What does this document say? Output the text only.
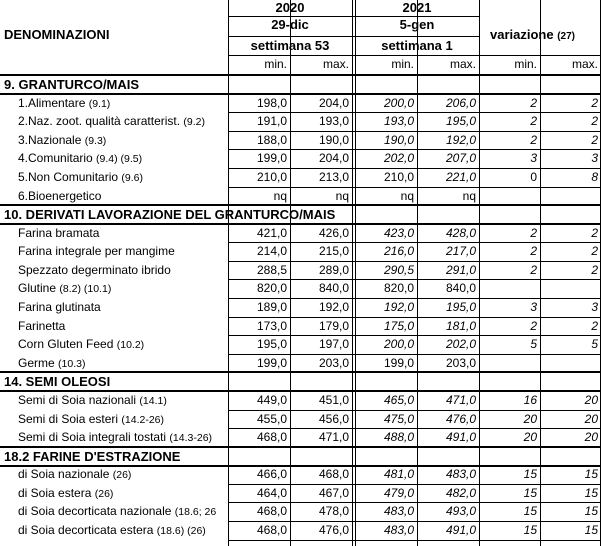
2020	2021
29-dic	5-gen
settimana 53	settimana 1
DENOMINAZIONI	variazione (27)
min.	max.	min.	max.	min.	max.
9. GRANTURCO/MAIS
1.Alimentare (9.1)	198,0	204,0	200,0	206,0	2	2
2.Naz. zoot. qualità caratterist. (9.2)	191,0	193,0	193,0	195,0	2	2
3.Nazionale (9.3)	188,0	190,0	190,0	192,0	2	2
4.Comunitario (9.4) (9.5)	199,0	204,0	202,0	207,0	3	3
5.Non Comunitario (9.6)	210,0	213,0	210,0	221,0	0	8
6.Bioenergetico	nq	nq	nq	nq
10. DERIVATI LAVORAZIONE DEL GRANTURCO/MAIS
Farina bramata	421,0	426,0	423,0	428,0	2	2
Farina integrale per mangime	214,0	215,0	216,0	217,0	2	2
Spezzato degerminato ibrido	288,5	289,0	290,5	291,0	2	2
Glutine (8.2) (10.1)	820,0	840,0	820,0	840,0
Farina glutinata	189,0	192,0	192,0	195,0	3	3
Farinetta	173,0	179,0	175,0	181,0	2	2
Corn Gluten Feed (10.2)	195,0	197,0	200,0	202,0	5	5
Germe (10.3)	199,0	203,0	199,0	203,0
14. SEMI OLEOSI
Semi di Soia nazionali (14.1)	449,0	451,0	465,0	471,0	16	20
Semi di Soia esteri (14.2-26)	455,0	456,0	475,0	476,0	20	20
Semi di Soia integrali tostati (14.3-26)	468,0	471,0	488,0	491,0	20	20
18.2 FARINE D'ESTRAZIONE
di Soia nazionale (26)	466,0	468,0	481,0	483,0	15	15
di Soia estera (26)	464,0	467,0	479,0	482,0	15	15
di Soia decorticata nazionale (18.6; 26	468,0	478,0	483,0	493,0	15	15
di Soia decorticata estera (18.6) (26)	468,0	476,0	483,0	491,0	15	15
